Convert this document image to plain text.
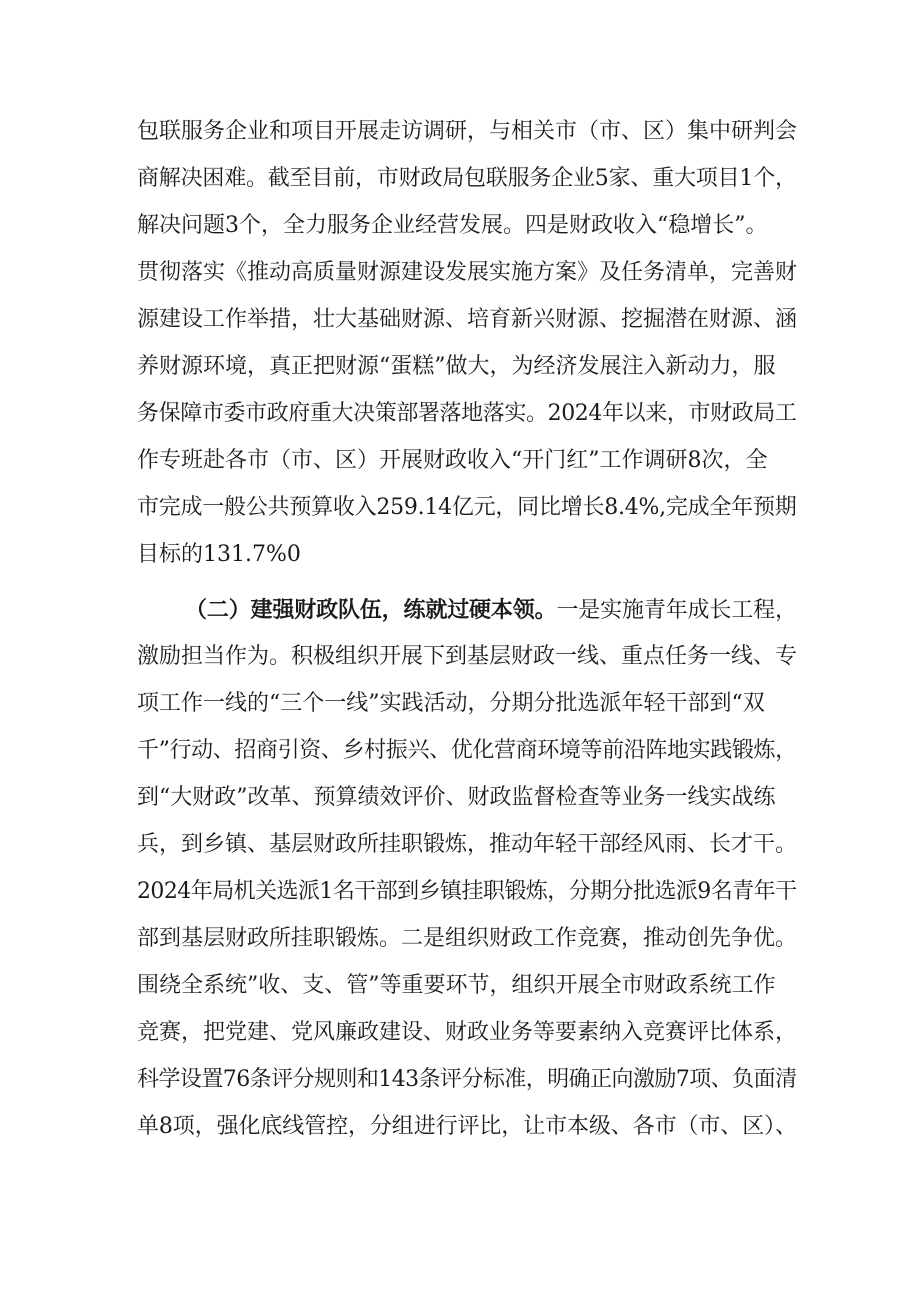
包联服务企业和项目开展走访调研，与相关市（市、区）集中研判会
商解决困难。截至目前，市财政局包联服务企业5家、重大项目1个，
解决问题3个，全力服务企业经营发展。四是财政收入“稳增长”。
贯彻落实《推动高质量财源建设发展实施方案》及任务清单，完善财
源建设工作举措，壮大基础财源、培育新兴财源、挖掘潜在财源、涵
养财源环境，真正把财源“蛋糕”做大，为经济发展注入新动力，服
务保障市委市政府重大决策部署落地落实。2024年以来，市财政局工
作专班赴各市（市、区）开展财政收入“开门红”工作调研8次，全
市完成一般公共预算收入259.14亿元，同比增长8.4%,完成全年预期
目标的131.7%0
（二）建强财政队伍，练就过硬本领。一是实施青年成长工程，
激励担当作为。积极组织开展下到基层财政一线、重点任务一线、专
项工作一线的“三个一线”实践活动，分期分批选派年轻干部到“双
千”行动、招商引资、乡村振兴、优化营商环境等前沿阵地实践锻炼，
到“大财政”改革、预算绩效评价、财政监督检查等业务一线实战练
兵，到乡镇、基层财政所挂职锻炼，推动年轻干部经风雨、长才干。
2024年局机关选派1名干部到乡镇挂职锻炼，分期分批选派9名青年干
部到基层财政所挂职锻炼。二是组织财政工作竞赛，推动创先争优。
围绕全系统”收、支、管”等重要环节，组织开展全市财政系统工作
竞赛，把党建、党风廉政建设、财政业务等要素纳入竞赛评比体系，
科学设置76条评分规则和143条评分标准，明确正向激励7项、负面清
单8项，强化底线管控，分组进行评比，让市本级、各市（市、区）、
